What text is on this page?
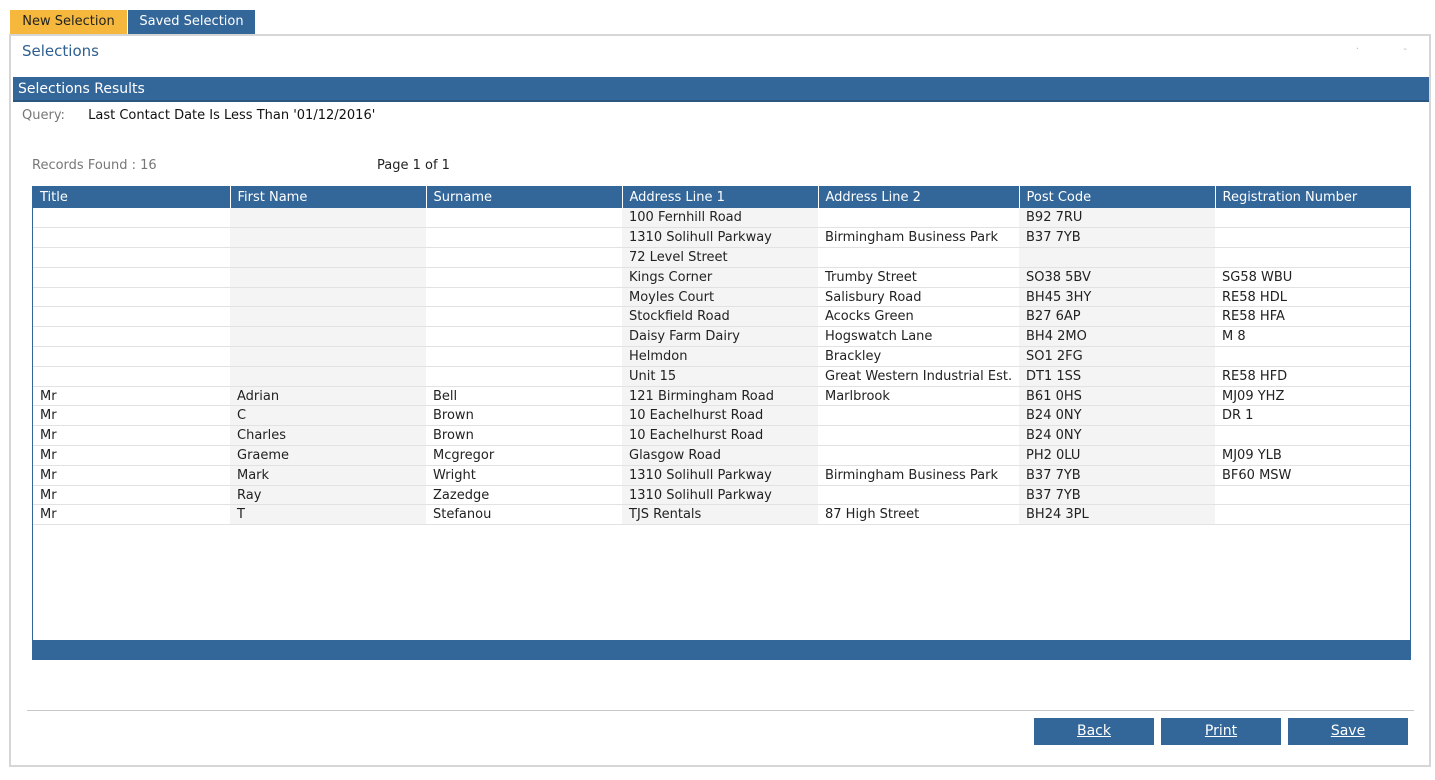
New Selection	Saved Selection
Selections	·              -
Selections Results
Query: Last Contact Date Is Less Than '01/12/2016'
Records Found : 16	Page 1 of 1
Title	First Name	Surname	Address Line 1	Address Line 2	Post Code	Registration Number
			100 Fernhill Road		B92 7RU	
			1310 Solihull Parkway	Birmingham Business Park	B37 7YB	
			72 Level Street			
			Kings Corner	Trumby Street	SO38 5BV	SG58 WBU
			Moyles Court	Salisbury Road	BH45 3HY	RE58 HDL
			Stockfield Road	Acocks Green	B27 6AP	RE58 HFA
			Daisy Farm Dairy	Hogswatch Lane	BH4 2MO	M 8
			Helmdon	Brackley	SO1 2FG	
			Unit 15	Great Western Industrial Est.	DT1 1SS	RE58 HFD
Mr	Adrian	Bell	121 Birmingham Road	Marlbrook	B61 0HS	MJ09 YHZ
Mr	C	Brown	10 Eachelhurst Road		B24 0NY	DR 1
Mr	Charles	Brown	10 Eachelhurst Road		B24 0NY	
Mr	Graeme	Mcgregor	Glasgow Road		PH2 0LU	MJ09 YLB
Mr	Mark	Wright	1310 Solihull Parkway	Birmingham Business Park	B37 7YB	BF60 MSW
Mr	Ray	Zazedge	1310 Solihull Parkway		B37 7YB	
Mr	T	Stefanou	TJS Rentals	87 High Street	BH24 3PL	
Back	Print	Save
